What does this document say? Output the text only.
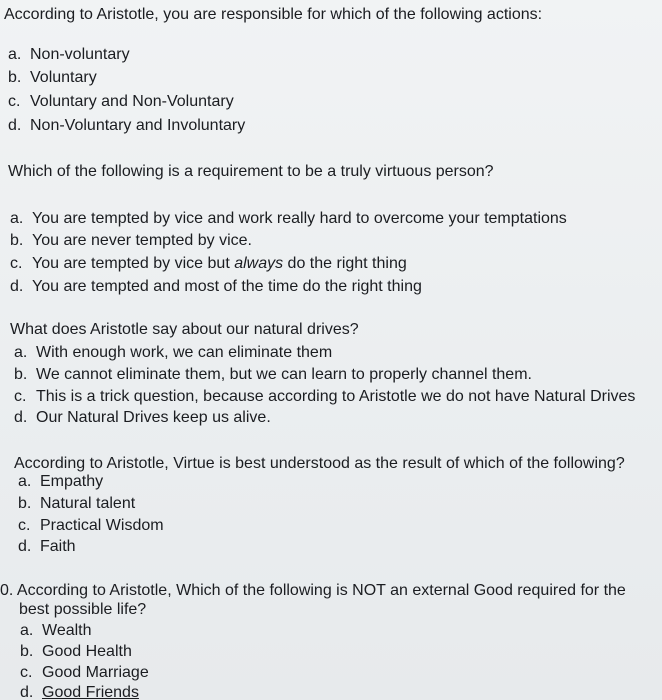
According to Aristotle, you are responsible for which of the following actions:
a. Non-voluntary
b. Voluntary
c. Voluntary and Non-Voluntary
d. Non-Voluntary and Involuntary
Which of the following is a requirement to be a truly virtuous person?
a. You are tempted by vice and work really hard to overcome your temptations
b. You are never tempted by vice.
c. You are tempted by vice but always do the right thing
d. You are tempted and most of the time do the right thing
What does Aristotle say about our natural drives?
a. With enough work, we can eliminate them
b. We cannot eliminate them, but we can learn to properly channel them.
c. This is a trick question, because according to Aristotle we do not have Natural Drives
d. Our Natural Drives keep us alive.
According to Aristotle, Virtue is best understood as the result of which of the following?
a. Empathy
b. Natural talent
c. Practical Wisdom
d. Faith
0. According to Aristotle, Which of the following is NOT an external Good required for the
best possible life?
a. Wealth
b. Good Health
c. Good Marriage
d. Good Friends
